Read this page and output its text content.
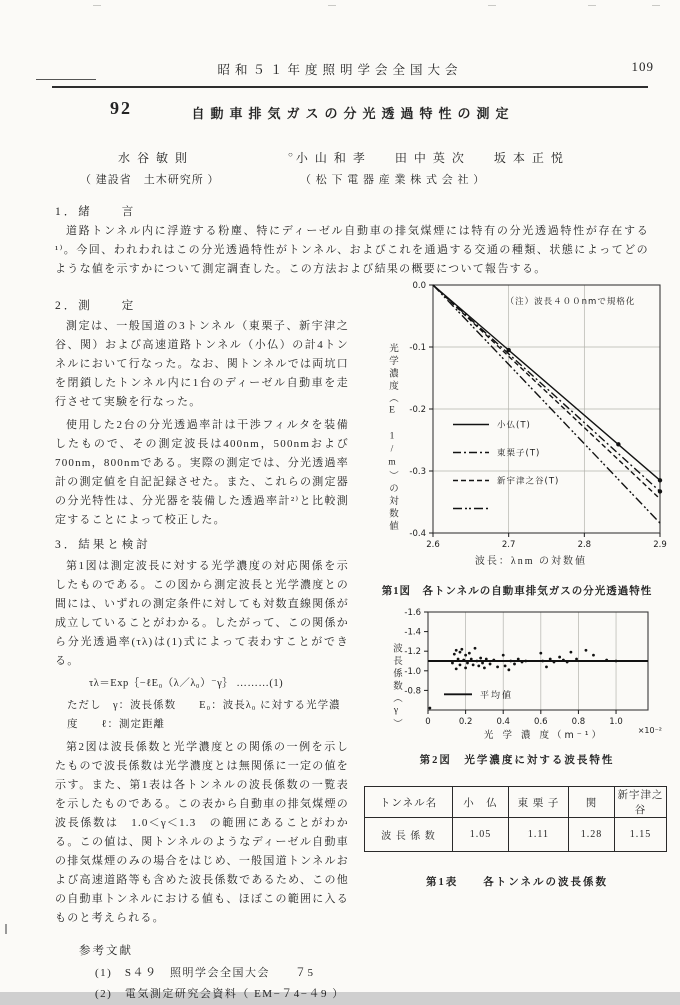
昭和５１年度照明学会全国大会	109
92	自動車排気ガスの分光透過特性の測定
水 谷 敏 則	○小 山 和 孝　　田 中 英 次　　坂 本 正 悦
（ 建設省　土木研究所 ）	（ 松 下 電 器 産 業 株 式 会 社 ）
1．緒　　言
道路トンネル内に浮遊する粉塵、特にディーゼル自動車の排気煤煙には特有の分光透過特性が存在する¹⁾。今回、われわれはこの分光透過特性がトンネル、およびこれを通過する交通の種類、状態によってどのような値を示すかについて測定調査した。この方法および結果の概要について報告する。
2．測　　定

測定は、一般国道の3トンネル（東栗子、新宇津之谷、関）および高速道路トンネル（小仏）の計4トンネルにおいて行なった。なお、関トンネルでは両坑口を閉鎖したトンネル内に1台のディーゼル自動車を走行させて実験を行なった。

使用した2台の分光透過率計は干渉フィルタを装備したもので、その測定波長は400nm，500nmおよび700nm，800nmである。実際の測定では、分光透過率計の測定値を自記記録させた。また、これらの測定器の分光特性は、分光器を装備した透過率計²⁾と比較測定することによって校正した。

3．結果と検討

第1図は測定波長に対する光学濃度の対応関係を示したものである。この図から測定波長と光学濃度との間には、いずれの測定条件に対しても対数直線関係が成立していることがわかる。したがって、この関係から分光透過率(τλ)は(1)式によって表わすことができる。

τλ＝Exp｛−ℓE₀（λ／λ₀）⁻γ｝ ………(1)

ただし　γ：波長係数　　E₀：波長λ₀ に対する光学濃度　　ℓ：測定距離

第2図は波長係数と光学濃度との関係の一例を示したもので波長係数は光学濃度とは無関係に一定の値を示す。また、第1表は各トンネルの波長係数の一覧表を示したものである。この表から自動車の排気煤煙の波長係数は　1.0＜γ＜1.3　の範囲にあることがわかる。この値は、関トンネルのようなディーゼル自動車の排気煤煙のみの場合をはじめ、一般国道トンネルおよび高速道路等も含めた波長係数であるため、この他の自動車トンネルにおける値も、ほぼこの範囲に入るものと考えられる。

参考文献

(1)　S４９　照明学会全国大会　　７5

(2)　電気測定研究会資料（ EM−７4−４9 ）

2.6	2.7	2.8	2.9
0.0
-0.1
-0.2
-0.3
-0.4
（注）波長４００nmで規格化
小仏(T)
東栗子(T)
新宇津之谷(T)
光学濃度（E 1/m）の対数値
波長：λnm の対数値
第1図　各トンネルの自動車排気ガスの分光透過特性
0	0.2	0.4	0.6	0.8	1.0
-1.6
-1.4
-1.2
-1.0
-0.8	平均値
光 学 濃 度（m⁻¹）	×10⁻²
波長係数（γ）
第2図　光学濃度に対する波長特性
トンネル名	小　仏	東 栗 子	関	新宇津之谷
波 長 係 数	1.05	1.11	1.28	1.15
第1表　　各トンネルの波長係数
